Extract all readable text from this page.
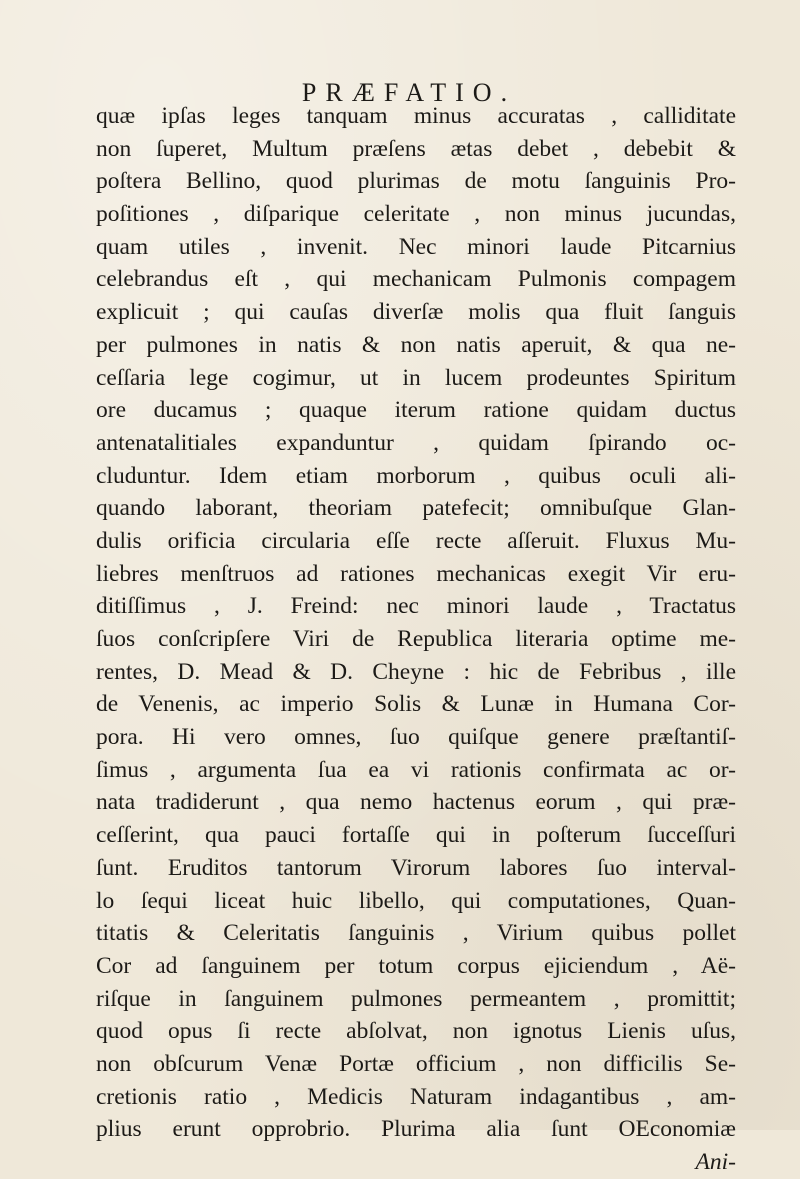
PRÆFATIO.
quæ ipſas leges tanquam minus accuratas , calliditate
non ſuperet, Multum præſens ætas debet , debebit &
poſtera Bellino, quod plurimas de motu ſanguinis Pro-
poſitiones , diſparique celeritate , non minus jucundas,
quam utiles , invenit. Nec minori laude Pitcarnius
celebrandus eſt , qui mechanicam Pulmonis compagem
explicuit ; qui cauſas diverſæ molis qua fluit ſanguis
per pulmones in natis & non natis aperuit, & qua ne-
ceſſaria lege cogimur, ut in lucem prodeuntes Spiritum
ore ducamus ; quaque iterum ratione quidam ductus
antenatalitiales expanduntur , quidam ſpirando oc-
cluduntur. Idem etiam morborum , quibus oculi ali-
quando laborant, theoriam patefecit; omnibuſque Glan-
dulis orificia circularia eſſe recte aſſeruit. Fluxus Mu-
liebres menſtruos ad rationes mechanicas exegit Vir eru-
ditiſſimus , J. Freind: nec minori laude , Tractatus
ſuos conſcripſere Viri de Republica literaria optime me-
rentes, D. Mead & D. Cheyne : hic de Febribus , ille
de Venenis, ac imperio Solis & Lunæ in Humana Cor-
pora. Hi vero omnes, ſuo quiſque genere præſtantiſ-
ſimus , argumenta ſua ea vi rationis confirmata ac or-
nata tradiderunt , qua nemo hactenus eorum , qui præ-
ceſſerint, qua pauci fortaſſe qui in poſterum ſucceſſuri
ſunt. Eruditos tantorum Virorum labores ſuo interval-
lo ſequi liceat huic libello, qui computationes, Quan-
titatis & Celeritatis ſanguinis , Virium quibus pollet
Cor ad ſanguinem per totum corpus ejiciendum , Aë-
riſque in ſanguinem pulmones permeantem , promittit;
quod opus ſi recte abſolvat, non ignotus Lienis uſus,
non obſcurum Venæ Portæ officium , non difficilis Se-
cretionis ratio , Medicis Naturam indagantibus , am-
plius erunt opprobrio. Plurima alia ſunt OEconomiæ
Ani-
